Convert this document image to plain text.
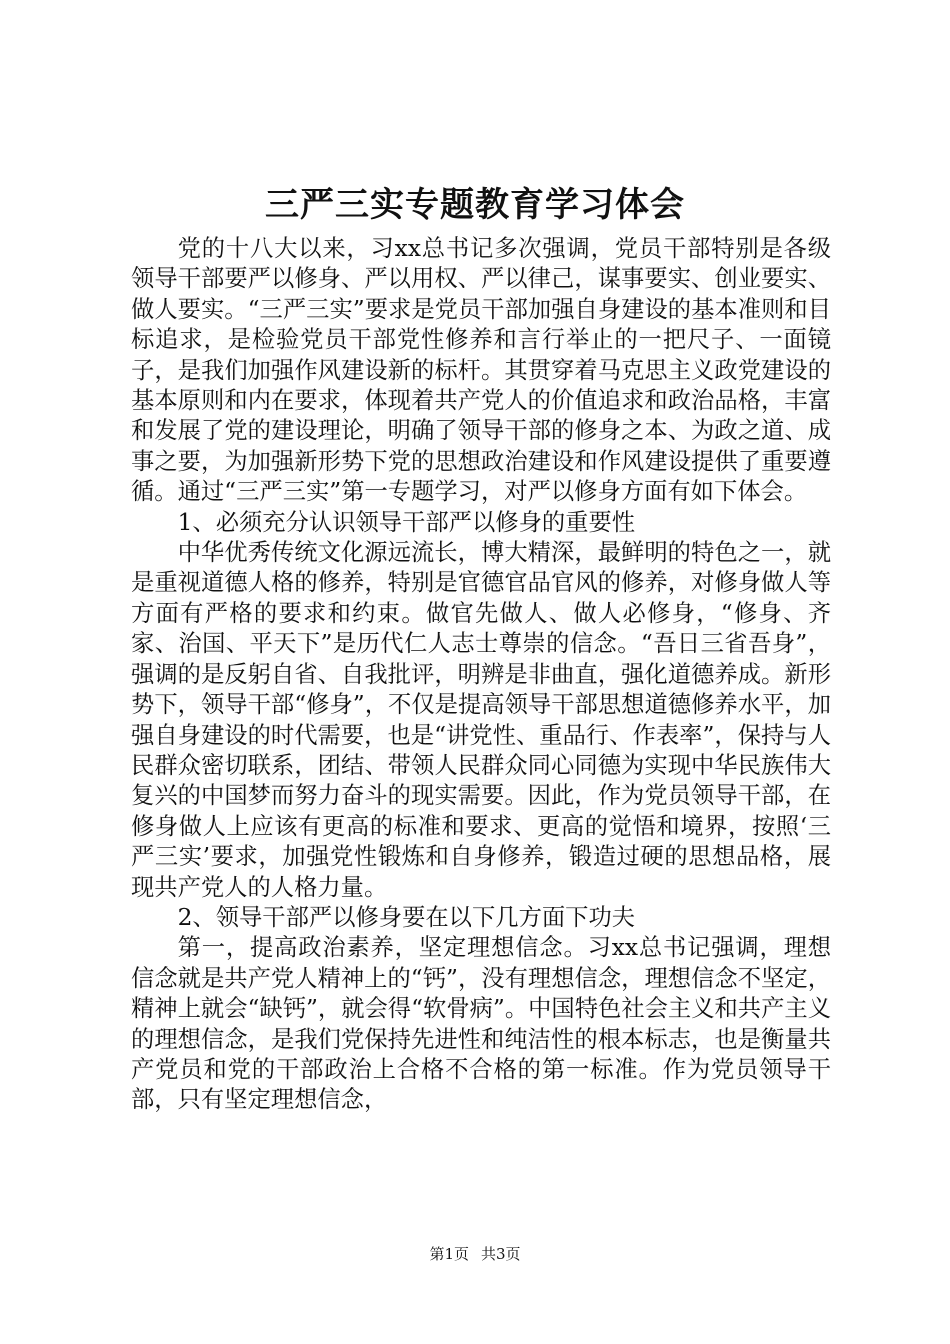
三严三实专题教育学习体会

党的十八大以来，习xx总书记多次强调，党员干部特别是各级领导干部要严以修身、严以用权、严以律己，谋事要实、创业要实、做人要实。“三严三实”要求是党员干部加强自身建设的基本准则和目标追求，是检验党员干部党性修养和言行举止的一把尺子、一面镜子，是我们加强作风建设新的标杆。其贯穿着马克思主义政党建设的基本原则和内在要求，体现着共产党人的价值追求和政治品格，丰富和发展了党的建设理论，明确了领导干部的修身之本、为政之道、成事之要，为加强新形势下党的思想政治建设和作风建设提供了重要遵循。通过“三严三实”第一专题学习，对严以修身方面有如下体会。

1、必须充分认识领导干部严以修身的重要性

中华优秀传统文化源远流长，博大精深，最鲜明的特色之一，就是重视道德人格的修养，特别是官德官品官风的修养，对修身做人等方面有严格的要求和约束。做官先做人、做人必修身，“修身、齐家、治国、平天下”是历代仁人志士尊崇的信念。“吾日三省吾身”，强调的是反躬自省、自我批评，明辨是非曲直，强化道德养成。新形势下，领导干部“修身”，不仅是提高领导干部思想道德修养水平，加强自身建设的时代需要，也是“讲党性、重品行、作表率”，保持与人民群众密切联系，团结、带领人民群众同心同德为实现中华民族伟大复兴的中国梦而努力奋斗的现实需要。因此，作为党员领导干部，在修身做人上应该有更高的标准和要求、更高的觉悟和境界，按照‘三严三实’要求，加强党性锻炼和自身修养，锻造过硬的思想品格，展现共产党人的人格力量。

2、领导干部严以修身要在以下几方面下功夫

第一，提高政治素养，坚定理想信念。习xx总书记强调，理想信念就是共产党人精神上的“钙”，没有理想信念，理想信念不坚定，精神上就会“缺钙”，就会得“软骨病”。中国特色社会主义和共产主义的理想信念，是我们党保持先进性和纯洁性的根本标志，也是衡量共产党员和党的干部政治上合格不合格的第一标准。作为党员领导干部，只有坚定理想信念，

第1页 共3页
